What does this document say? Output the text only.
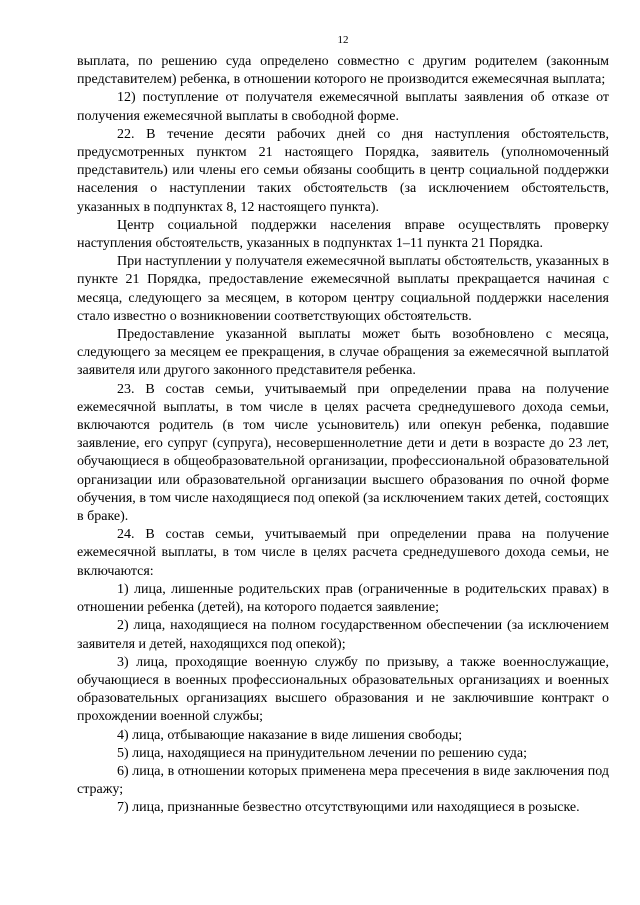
12

выплата, по решению суда определено совместно с другим родителем (законным представителем) ребенка, в отношении которого не производится ежемесячная выплата;

12) поступление от получателя ежемесячной выплаты заявления об отказе от получения ежемесячной выплаты в свободной форме.

22. В течение десяти рабочих дней со дня наступления обстоятельств, предусмотренных пунктом 21 настоящего Порядка, заявитель (уполномоченный представитель) или члены его семьи обязаны сообщить в центр социальной поддержки населения о наступлении таких обстоятельств (за исключением обстоятельств, указанных в подпунктах 8, 12 настоящего пункта).

Центр социальной поддержки населения вправе осуществлять проверку наступления обстоятельств, указанных в подпунктах 1–11 пункта 21 Порядка.

При наступлении у получателя ежемесячной выплаты обстоятельств, указанных в пункте 21 Порядка, предоставление ежемесячной выплаты прекращается начиная с месяца, следующего за месяцем, в котором центру социальной поддержки населения стало известно о возникновении соответствующих обстоятельств.

Предоставление указанной выплаты может быть возобновлено с месяца, следующего за месяцем ее прекращения, в случае обращения за ежемесячной выплатой заявителя или другого законного представителя ребенка.

23. В состав семьи, учитываемый при определении права на получение ежемесячной выплаты, в том числе в целях расчета среднедушевого дохода семьи, включаются родитель (в том числе усыновитель) или опекун ребенка, подавшие заявление, его супруг (супруга), несовершеннолетние дети и дети в возрасте до 23 лет, обучающиеся в общеобразовательной организации, профессиональной образовательной организации или образовательной организации высшего образования по очной форме обучения, в том числе находящиеся под опекой (за исключением таких детей, состоящих в браке).

24. В состав семьи, учитываемый при определении права на получение ежемесячной выплаты, в том числе в целях расчета среднедушевого дохода семьи, не включаются:

1) лица, лишенные родительских прав (ограниченные в родительских правах) в отношении ребенка (детей), на которого подается заявление;

2) лица, находящиеся на полном государственном обеспечении (за исключением заявителя и детей, находящихся под опекой);

3) лица, проходящие военную службу по призыву, а также военнослужащие, обучающиеся в военных профессиональных образовательных организациях и военных образовательных организациях высшего образования и не заключившие контракт о прохождении военной службы;

4) лица, отбывающие наказание в виде лишения свободы;

5) лица, находящиеся на принудительном лечении по решению суда;

6) лица, в отношении которых применена мера пресечения в виде заключения под стражу;

7) лица, признанные безвестно отсутствующими или находящиеся в розыске.
